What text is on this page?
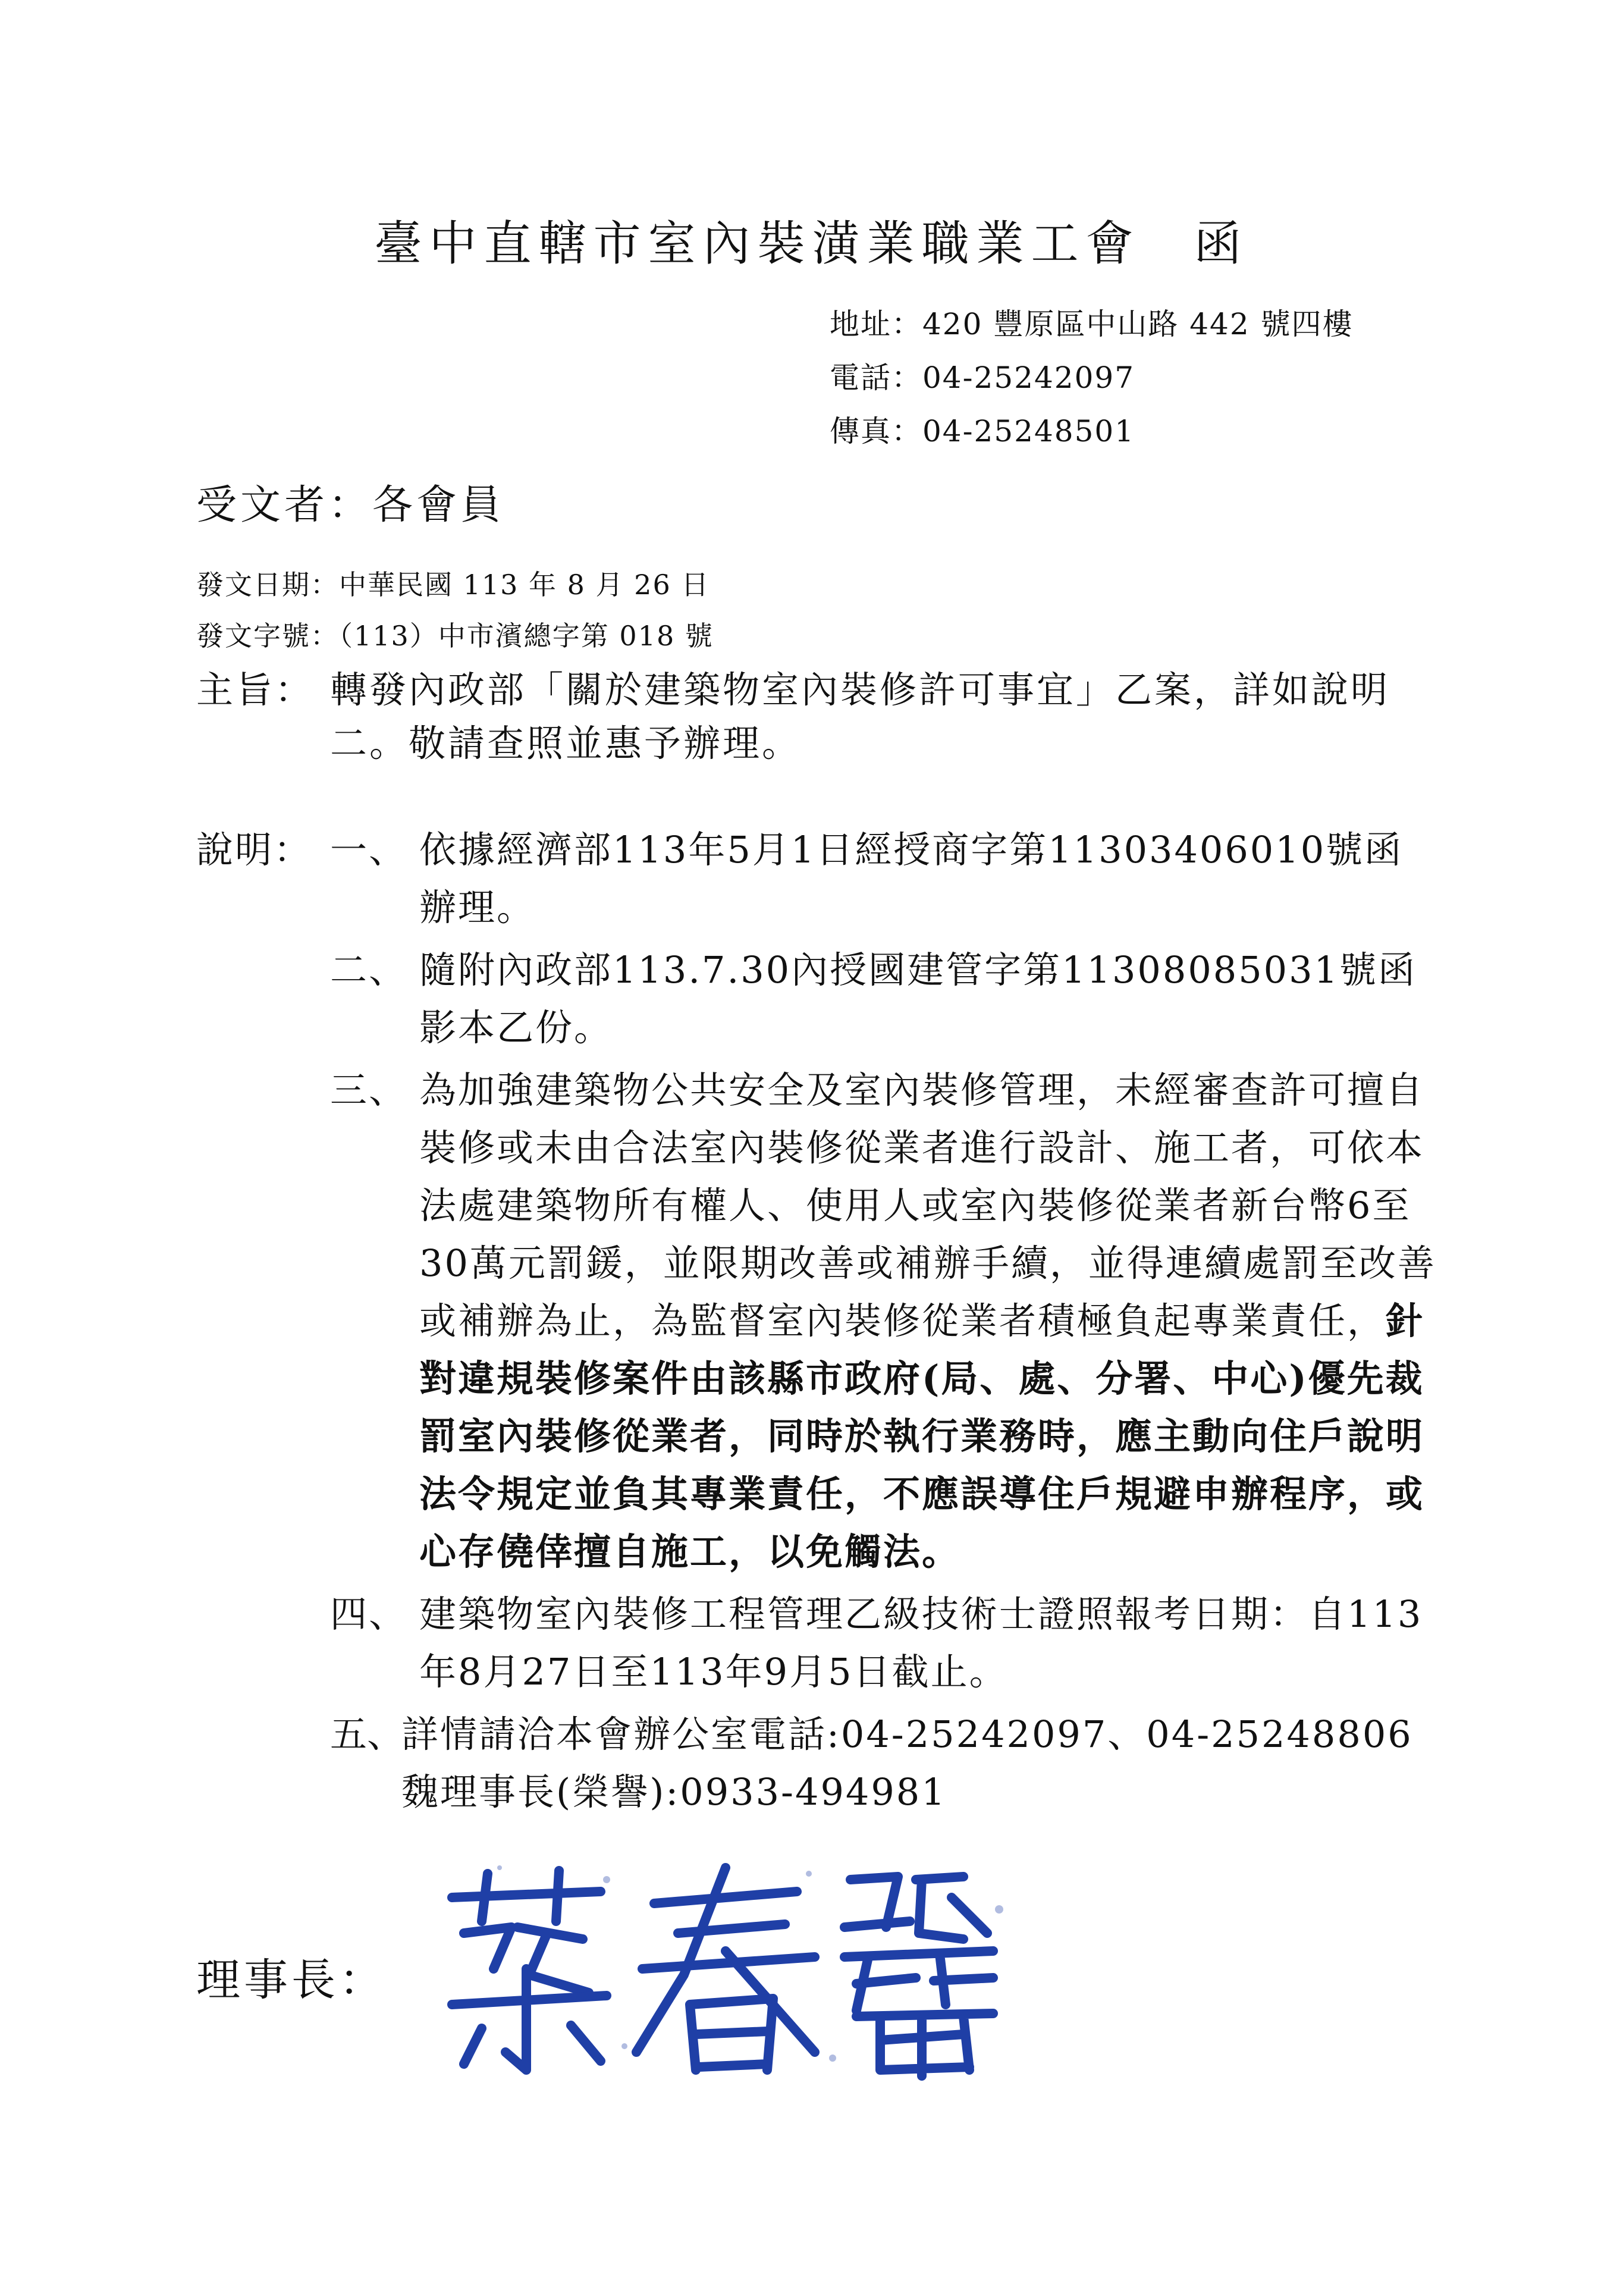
臺中直轄市室內裝潢業職業工會 函
地址：420 豐原區中山路 442 號四樓
電話：04-25242097
傳真：04-25248501
受文者：各會員
發文日期：中華民國 113 年 8 月 26 日
發文字號：（113）中市濱總字第 018 號
主旨： 轉發內政部「關於建築物室內裝修許可事宜」乙案，詳如說明二。敬請查照並惠予辦理。
說明： 一、 依據經濟部113年5月1日經授商字第11303406010號函辦理。
二、 隨附內政部113.7.30內授國建管字第11308085031號函影本乙份。
三、 為加強建築物公共安全及室內裝修管理，未經審查許可擅自裝修或未由合法室內裝修從業者進行設計、施工者，可依本法處建築物所有權人、使用人或室內裝修從業者新台幣6至30萬元罰鍰，並限期改善或補辦手續，並得連續處罰至改善或補辦為止，為監督室內裝修從業者積極負起專業責任，針對違規裝修案件由該縣市政府(局、處、分署、中心)優先裁罰室內裝修從業者，同時於執行業務時，應主動向住戶說明法令規定並負其專業責任，不應誤導住戶規避申辦程序，或心存僥倖擅自施工，以免觸法。
四、 建築物室內裝修工程管理乙級技術士證照報考日期：自113年8月27日至113年9月5日截止。
五、
詳情請洽本會辦公室電話:04-25242097、04-25248806魏理事長(榮譽):0933-494981
理事長：
